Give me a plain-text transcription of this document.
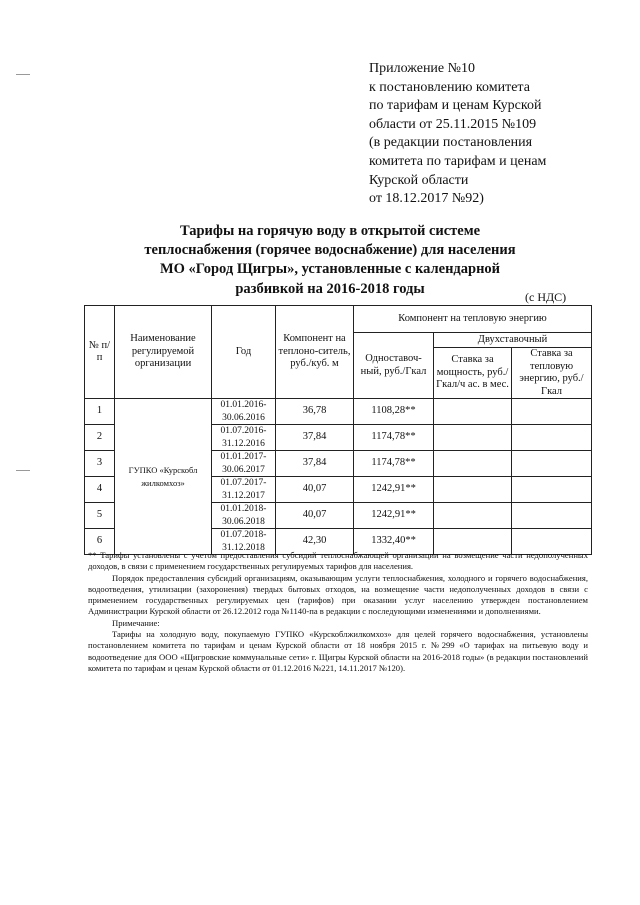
Приложение №10
к постановлению комитета
по тарифам и ценам Курской
области от 25.11.2015 №109
(в редакции постановления
комитета по тарифам и ценам
Курской области
от 18.12.2017 №92)
Тарифы на горячую воду в открытой системе
теплоснабжения (горячее водоснабжение) для населения
МО «Город Щигры», установленные с календарной
разбивкой на 2016-2018 годы
(с НДС)
№ п/п	Наименование регулируемой организации	Год	Компонент на теплоно-ситель, руб./куб. м	Компонент на тепловую энергию		
				Одноставоч-ный, руб./Гкал	Двухставочный	
					Ставка за мощность, руб./Гкал/ч ас. в мес.	Ставка за тепловую энергию, руб./Гкал
1	ГУПКО «Курскобл жилкомхоз»	01.01.2016-
30.06.2016	36,78	1108,28**		
2		01.07.2016-
31.12.2016	37,84	1174,78**		
3		01.01.2017-
30.06.2017	37,84	1174,78**		
4		01.07.2017-
31.12.2017	40,07	1242,91**		
5		01.01.2018-
30.06.2018	40,07	1242,91**		
6		01.07.2018-
31.12.2018	42,30	1332,40**		

** Тарифы установлены с учетом предоставления субсидий теплоснабжающей организации на возмещение части недополученных доходов, в связи с применением государственных регулируемых тарифов для населения.

Порядок предоставления субсидий организациям, оказывающим услуги теплоснабжения, холодного и горячего водоснабжения, водоотведения, утилизации (захоронения) твердых бытовых отходов, на возмещение части недополученных доходов в связи с применением государственных регулируемых цен (тарифов) при оказании услуг населению утвержден постановлением Администрации Курской области от 26.12.2012 года №1140-па в редакции с последующими изменениями и дополнениями.

Примечание:

Тарифы на холодную воду, покупаемую ГУПКО «Курскоблжилкомхоз» для целей горячего водоснабжения, установлены постановлением комитета по тарифам и ценам Курской области от 18 ноября 2015 г. №299 «О тарифах на питьевую воду и водоотведение для ООО «Щигровские коммунальные сети» г. Щигры Курской области на 2016-2018 годы» (в редакции постановлений комитета по тарифам и ценам Курской области от 01.12.2016 №221, 14.11.2017 №120).
